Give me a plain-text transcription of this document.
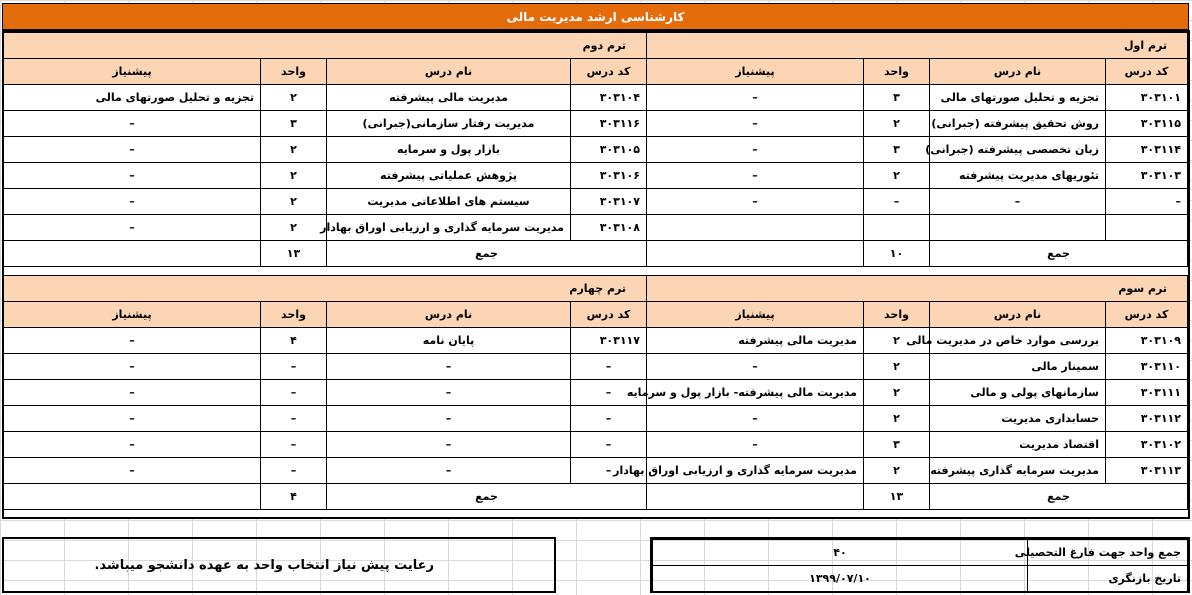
کارشناسی ارشد مدیریت مالی
ترم اول			
کد درس	نام درس	واحد	پیشنیاز
۳۰۳۱۰۱	تجزیه و تحلیل صورتهای مالی	۳	–
۳۰۳۱۱۵	روش تحقیق پیشرفته (جبرانی)	۲	–
۳۰۳۱۱۴	زبان تخصصی پیشرفته (جبرانی)	۳	–
۳۰۳۱۰۳	تئوریهای مدیریت پیشرفته	۲	–
–	–	–	–

جمع		۱۰	
ترم سوم			
کد درس	نام درس	واحد	پیشنیاز
۳۰۳۱۰۹	بررسی موارد خاص در مدیریت مالی	۲	مدیریت مالی پیشرفته
۳۰۳۱۱۰	سمینار مالی	۲	–
۳۰۳۱۱۱	سازمانهای پولی و مالی	۲	مدیریت مالی پیشرفته- بازار پول و سرمایه
۳۰۳۱۱۲	حسابداری مدیریت	۲	–
۳۰۳۱۰۲	اقتصاد مدیریت	۳	–
۳۰۳۱۱۳	مدیریت سرمایه گذاری پیشرفته	۲	مدیریت سرمایه گذاری و ارزیابی اوراق بهادار
جمع		۱۳	
ترم دوم			
کد درس	نام درس	واحد	پیشنیاز
۳۰۳۱۰۴	مدیریت مالی پیشرفته	۲	تجزیه و تحلیل صورتهای مالی
۳۰۳۱۱۶	مدیریت رفتار سازمانی(جبرانی)	۳	–
۳۰۳۱۰۵	بازار پول و سرمایه	۲	–
۳۰۳۱۰۶	پژوهش عملیاتی پیشرفته	۲	–
۳۰۳۱۰۷	سیستم های اطلاعاتی مدیریت	۲	–
۳۰۳۱۰۸	مدیریت سرمایه گذاری و ارزیابی اوراق بهادار	۲	–
جمع		۱۳	
ترم چهارم			
کد درس	نام درس	واحد	پیشنیاز
۳۰۳۱۱۷	پایان نامه	۴	–
–	–	–	–
–	–	–	–
–	–	–	–
–	–	–	–
–	–	–	–
جمع		۴	
رعایت پیش نیاز انتخاب واحد به عهده دانشجو میباشد.
جمع واحد جهت فارغ التحصیلی	۴۰
تاریخ بازنگری	۱۳۹۹/۰۷/۱۰
